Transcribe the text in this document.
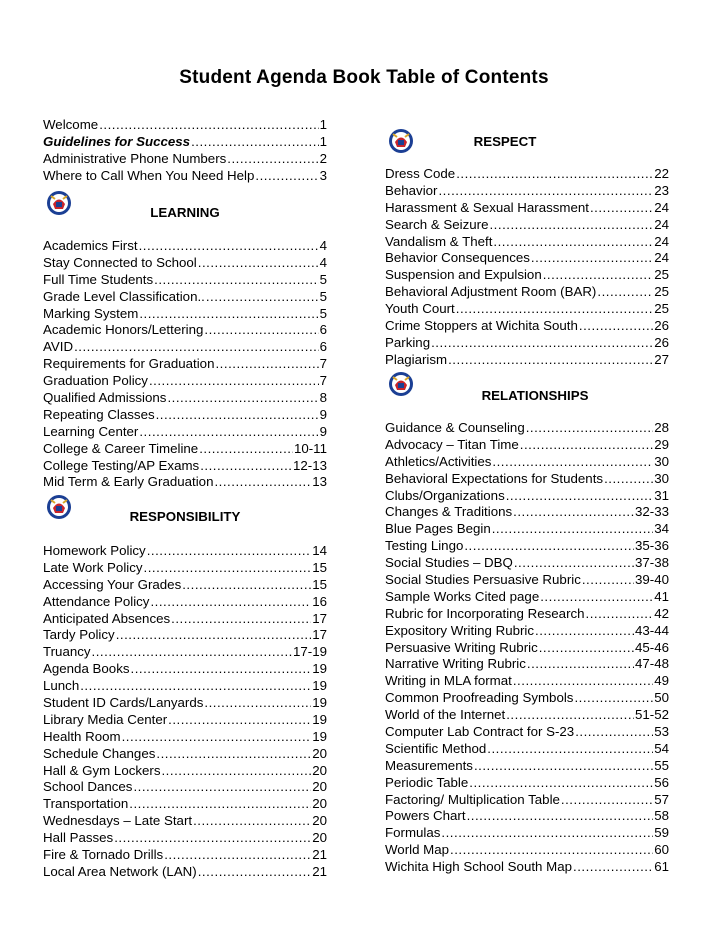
Student Agenda Book Table of Contents
Welcome .....	1
Guidelines for Success .....	1
Administrative Phone Numbers .....	2
Where to Call When You Need Help .....	3
LEARNING
Academics First .....	4
Stay Connected to School .....	4
Full Time Students .....	5
Grade Level Classification.. .....	5
Marking System .....	5
Academic Honors/Lettering .....	6
AVID .....	6
Requirements for Graduation .....	7
Graduation Policy .....	7
Qualified Admissions .....	8
Repeating Classes .....	9
Learning Center .....	9
College & Career Timeline .....	10-11
College Testing/AP Exams .....	12-13
Mid Term & Early Graduation .....	13
RESPONSIBILITY
Homework Policy .....	14
Late Work Policy .....	15
Accessing Your Grades .....	15
Attendance Policy .....	16
Anticipated Absences .....	17
Tardy Policy .....	17
Truancy .....	17-19
Agenda Books .....	19
Lunch .....	19
Student ID Cards/Lanyards .....	19
Library Media Center .....	19
Health Room .....	19
Schedule Changes .....	20
Hall & Gym Lockers .....	20
School Dances .....	20
Transportation .....	20
Wednesdays – Late Start .....	20
Hall Passes .....	20
Fire & Tornado Drills .....	21
Local Area Network (LAN) .....	21
RESPECT
Dress Code .....	22
Behavior .....	23
Harassment & Sexual Harassment .....	24
Search & Seizure .....	24
Vandalism & Theft .....	24
Behavior Consequences .....	24
Suspension and Expulsion .....	25
Behavioral Adjustment Room (BAR) .....	25
Youth Court .....	25
Crime Stoppers at Wichita South .....	26
Parking .....	26
Plagiarism .....	27
RELATIONSHIPS
Guidance & Counseling .....	28
Advocacy – Titan Time .....	29
Athletics/Activities .....	30
Behavioral Expectations for Students .....	30
Clubs/Organizations .....	31
Changes & Traditions .....	32-33
Blue Pages Begin .....	34
Testing Lingo .....	35-36
Social Studies – DBQ .....	37-38
Social Studies Persuasive Rubric .....	39-40
Sample Works Cited page .....	41
Rubric for Incorporating Research .....	42
Expository Writing Rubric .....	43-44
Persuasive Writing Rubric .....	45-46
Narrative Writing Rubric .....	47-48
Writing in MLA format .....	49
Common Proofreading Symbols .....	50
World of the Internet .....	51-52
Computer Lab Contract for S-23 .....	53
Scientific Method .....	54
Measurements .....	55
Periodic Table .....	56
Factoring/ Multiplication Table .....	57
Powers Chart .....	58
Formulas .....	59
World Map .....	60
Wichita High School South Map .....	61
